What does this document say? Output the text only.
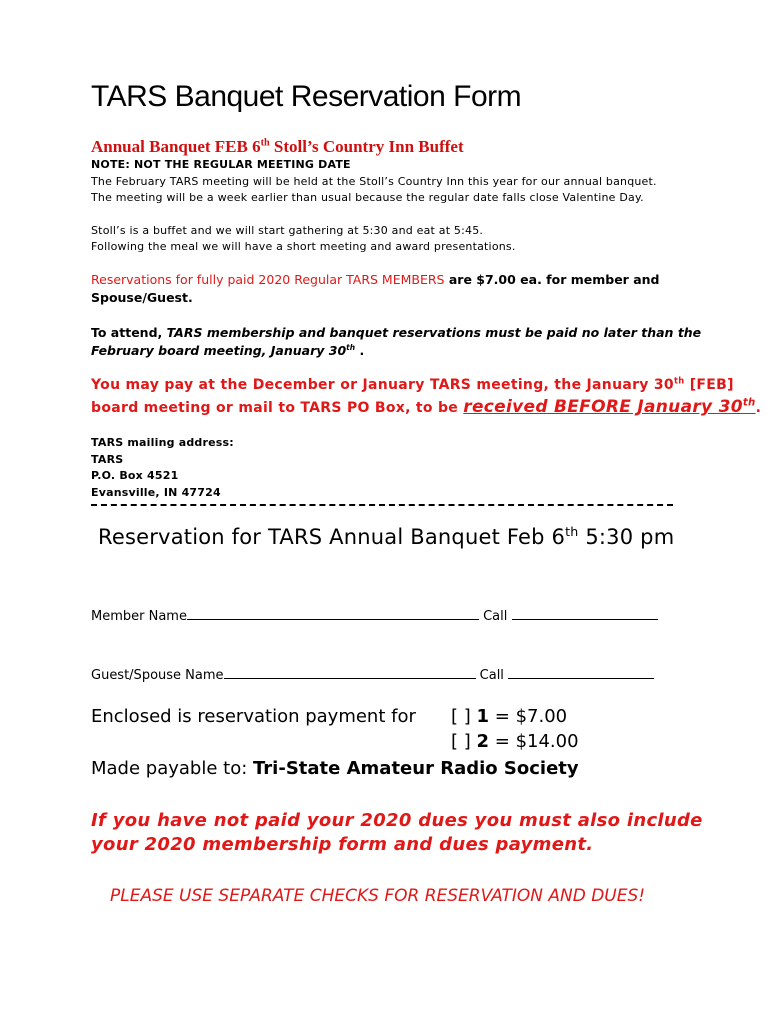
TARS Banquet Reservation Form
Annual Banquet FEB 6th Stoll’s Country Inn Buffet
NOTE: NOT THE REGULAR MEETING DATE
The February TARS meeting will be held at the Stoll’s Country Inn this year for our annual banquet.
The meeting will be a week earlier than usual because the regular date falls close Valentine Day.
Stoll’s is a buffet and we will start gathering at 5:30 and eat at 5:45.
Following the meal we will have a short meeting and award presentations.
Reservations for fully paid 2020 Regular TARS MEMBERS are $7.00 ea. for member and
Spouse/Guest.
To attend, TARS membership and banquet reservations must be paid no later than the
February board meeting, January 30th .
You may pay at the December or January TARS meeting, the January 30th [FEB]
board meeting or mail to TARS PO Box, to be received BEFORE January 30th.
TARS mailing address:
TARS
P.O. Box 4521
Evansville, IN 47724
Reservation for TARS Annual Banquet Feb 6th 5:30 pm
Member Name	Call
Guest/Spouse Name	Call
Enclosed is reservation payment for [ ] 1 = $7.00
[ ] 2 = $14.00
Made payable to: Tri-State Amateur Radio Society
If you have not paid your 2020 dues you must also include
your 2020 membership form and dues payment.
PLEASE USE SEPARATE CHECKS FOR RESERVATION AND DUES!
